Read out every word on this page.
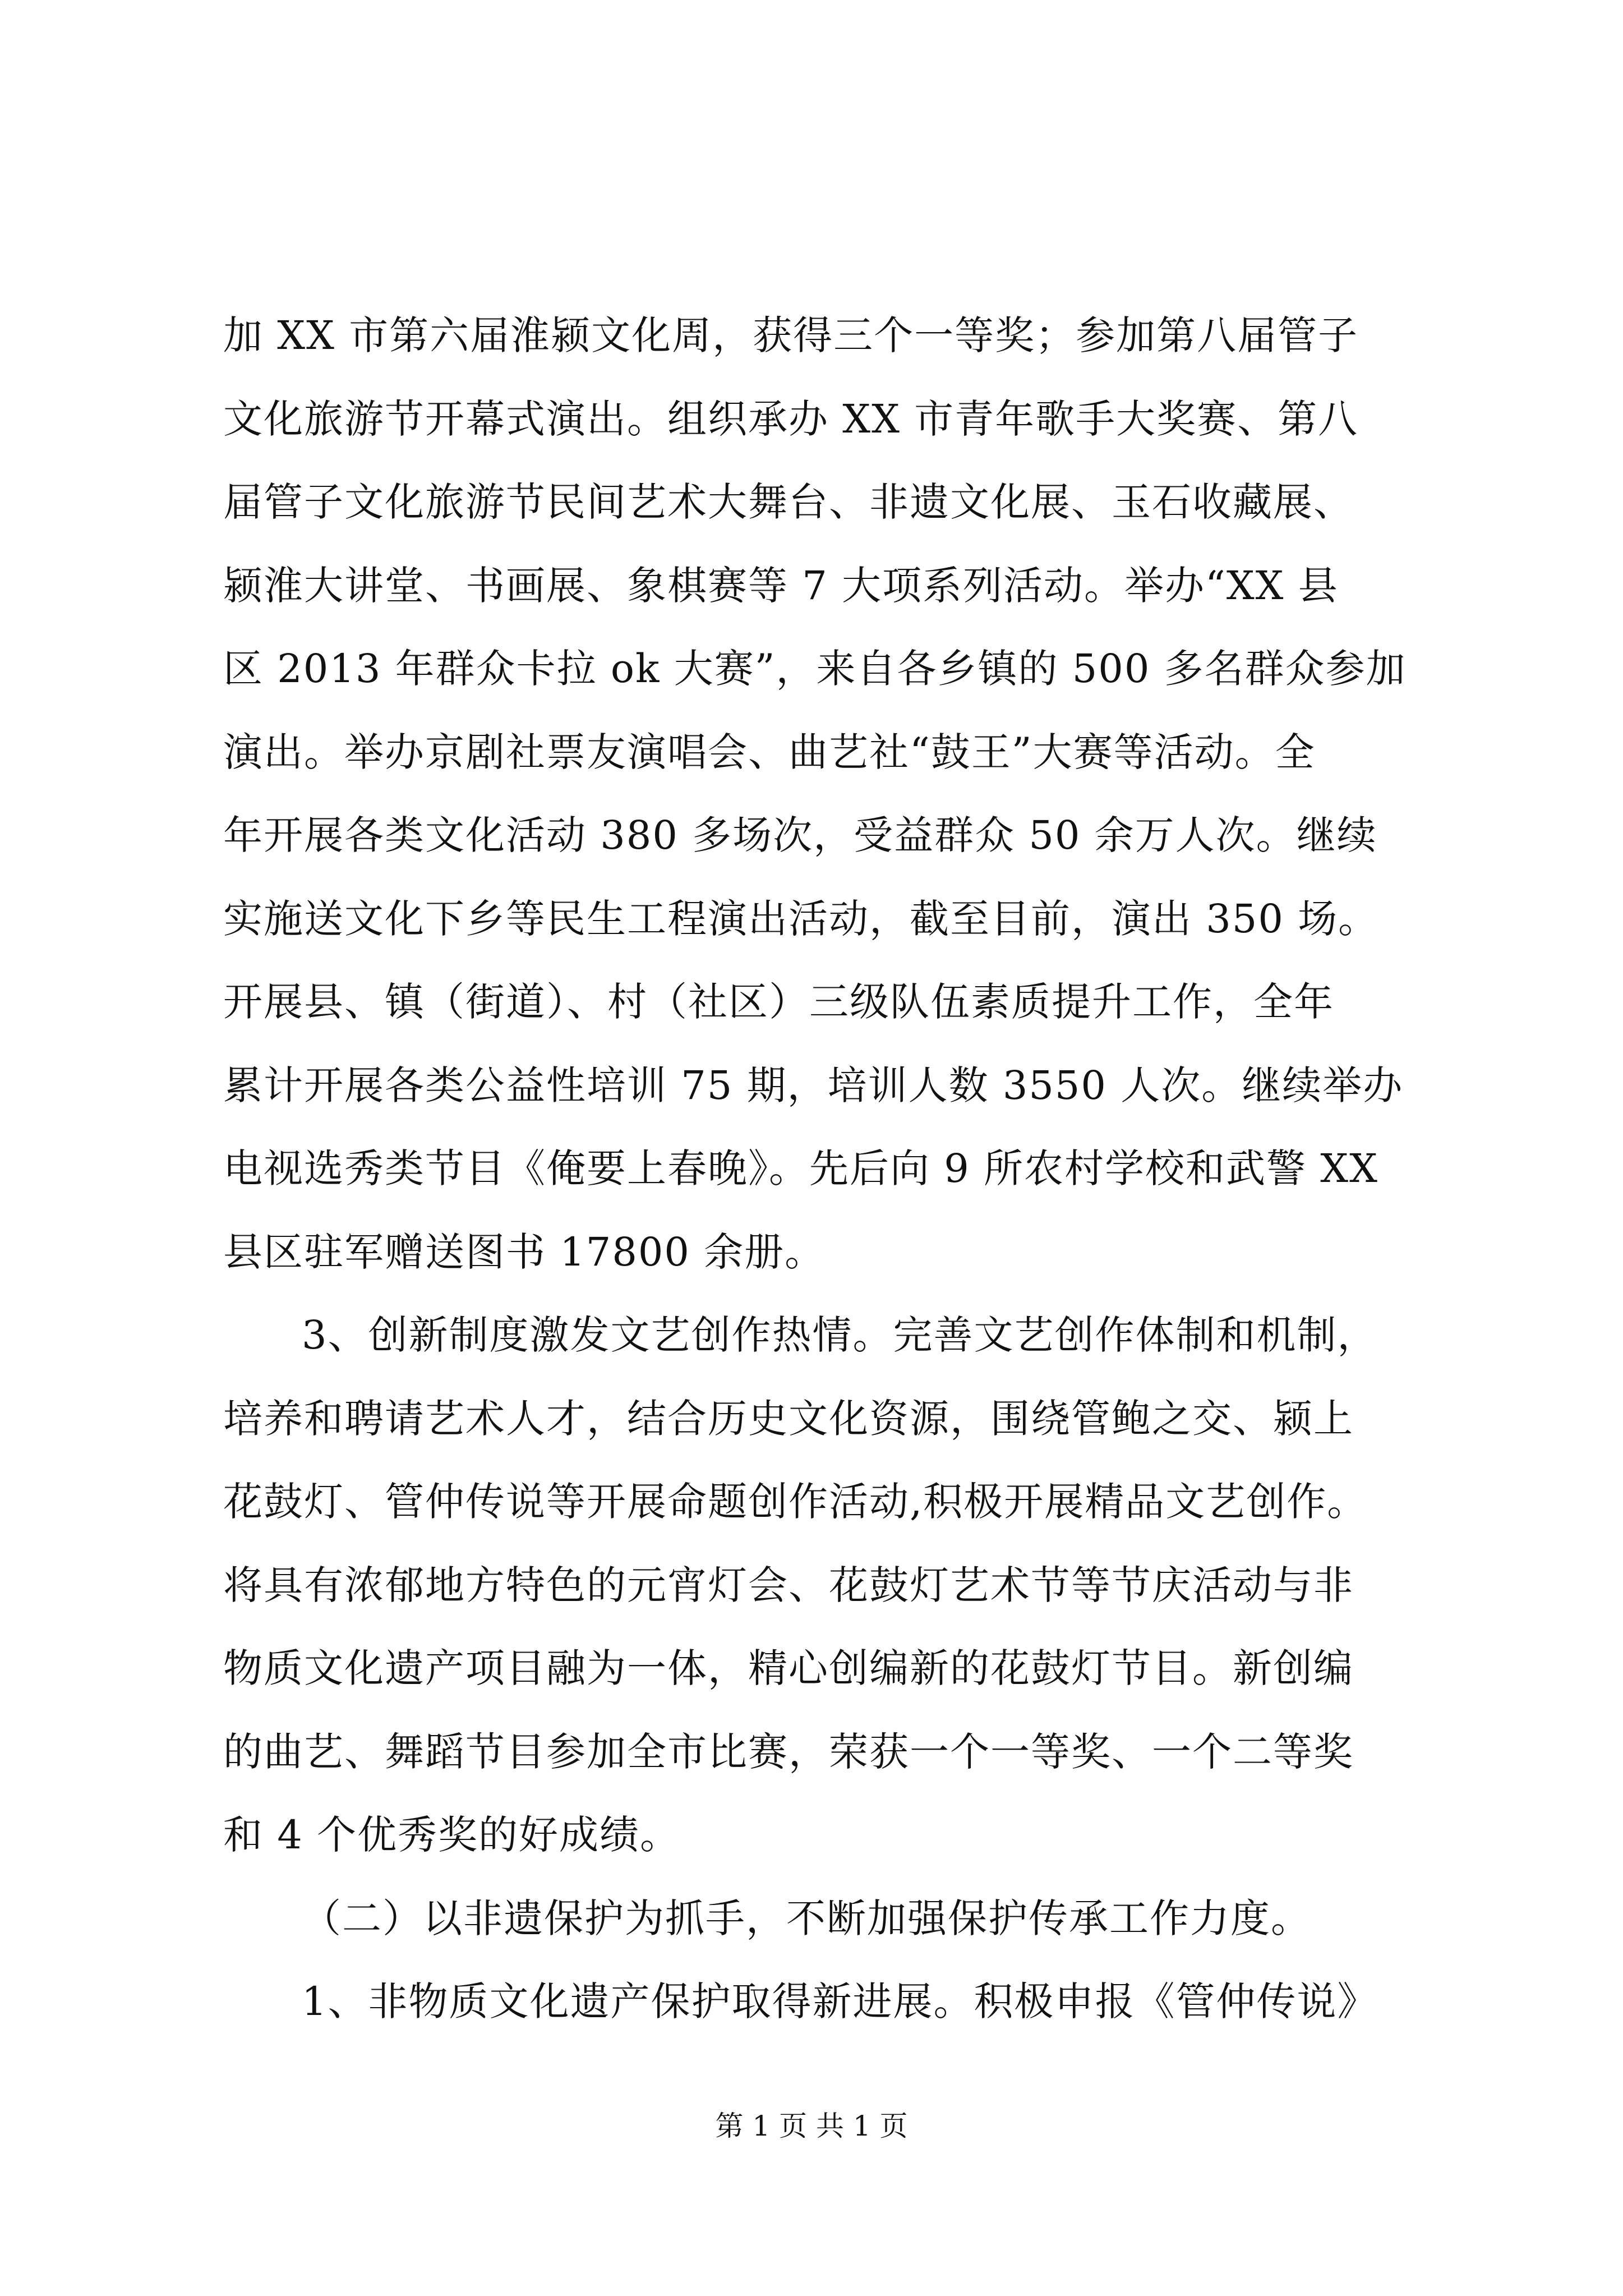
加 XX 市第六届淮颍文化周，获得三个一等奖；参加第八届管子
文化旅游节开幕式演出。组织承办 XX 市青年歌手大奖赛、第八
届管子文化旅游节民间艺术大舞台、非遗文化展、玉石收藏展、
颍淮大讲堂、书画展、象棋赛等 7 大项系列活动。举办“XX 县
区 2013 年群众卡拉 ok 大赛”，来自各乡镇的 500 多名群众参加
演出。举办京剧社票友演唱会、曲艺社“鼓王”大赛等活动。全
年开展各类文化活动 380 多场次，受益群众 50 余万人次。继续
实施送文化下乡等民生工程演出活动，截至目前，演出 350 场。
开展县、镇（街道）、村（社区）三级队伍素质提升工作，全年
累计开展各类公益性培训 75 期，培训人数 3550 人次。继续举办
电视选秀类节目《俺要上春晚》。先后向 9 所农村学校和武警 XX
县区驻军赠送图书 17800 余册。
3、创新制度激发文艺创作热情。完善文艺创作体制和机制，
培养和聘请艺术人才，结合历史文化资源，围绕管鲍之交、颍上
花鼓灯、管仲传说等开展命题创作活动,积极开展精品文艺创作。
将具有浓郁地方特色的元宵灯会、花鼓灯艺术节等节庆活动与非
物质文化遗产项目融为一体，精心创编新的花鼓灯节目。新创编
的曲艺、舞蹈节目参加全市比赛，荣获一个一等奖、一个二等奖
和 4 个优秀奖的好成绩。
（二）以非遗保护为抓手，不断加强保护传承工作力度。
1、非物质文化遗产保护取得新进展。积极申报《管仲传说》
第 1 页 共 1 页
